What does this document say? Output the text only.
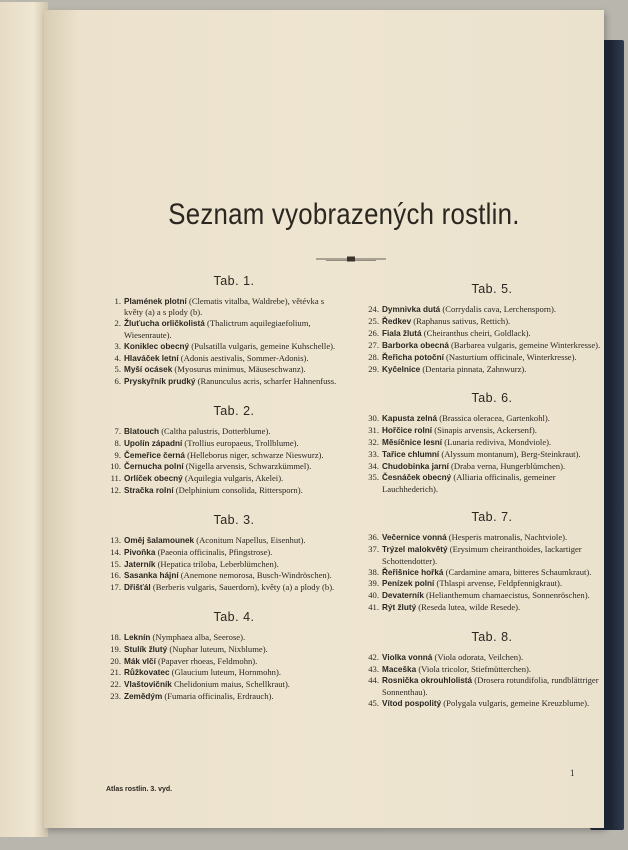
Seznam vyobrazených rostlin.
Tab. 1.
1. Plamének plotní (Clematis vitalba, Waldrebe), větévka s květy (a) a s plody (b).
2. Žluťucha orličkolistá (Thalictrum aquilegiaefolium, Wiesenraute).
3. Koniklec obecný (Pulsatilla vulgaris, gemeine Kuhschelle).
4. Hlaváček letní (Adonis aestivalis, Sommer-Adonis).
5. Myší ocásek (Myosurus minimus, Mäuseschwanz).
6. Pryskyřník prudký (Ranunculus acris, scharfer Hahnenfuss.
Tab. 2.
7. Blatouch (Caltha palustris, Dotterblume).
8. Upolín západní (Trollius europaeus, Trollblume).
9. Čemeřice černá (Helleborus niger, schwarze Nieswurz).
10. Černucha polní (Nigella arvensis, Schwarzkümmel).
11. Orlíček obecný (Aquilegia vulgaris, Akelei).
12. Stračka rolní (Delphinium consolida, Rittersporn).
Tab. 3.
13. Oměj šalamounek (Aconitum Napellus, Eisenhut).
14. Pivoňka (Paeonia officinalis, Pfingstrose).
15. Jaterník (Hepatica triloba, Leberblümchen).
16. Sasanka hájní (Anemone nemorosa, Busch-Windröschen).
17. Dřišťál (Berberis vulgaris, Sauerdorn), květy (a) a plody (b).
Tab. 4.
18. Leknín (Nymphaea alba, Seerose).
19. Stulík žlutý (Nuphar luteum, Nixblume).
20. Mák vlčí (Papaver rhoeas, Feldmohn).
21. Růžkovatec (Glaucium luteum, Hornmohn).
22. Vlaštovičník Chelidonium maius, Schellkraut).
23. Zemědým (Fumaria officinalis, Erdrauch).
Tab. 5.
24. Dymnivka dutá (Corrydalis cava, Lerchensporn).
25. Ředkev (Raphanus sativus, Rettich).
26. Fiala žlutá (Cheiranthus cheiri, Goldlack).
27. Barborka obecná (Barbarea vulgaris, gemeine Winterkresse).
28. Řeřicha potoční (Nasturtium officinale, Winterkresse).
29. Kyčelnice (Dentaria pinnata, Zahnwurz).
Tab. 6.
30. Kapusta zelná (Brassica oleracea, Gartenkohl).
31. Hořčice rolní (Sinapis arvensis, Ackersenf).
32. Měsíčnice lesní (Lunaria rediviva, Mondviole).
33. Tařice chlumní (Alyssum montanum), Berg-Steinkraut).
34. Chudobinka jarní (Draba verna, Hungerblümchen).
35. Česnáček obecný (Alliaria officinalis, gemeiner Lauchhederich).
Tab. 7.
36. Večernice vonná (Hesperis matronalis, Nachtviole).
37. Trýzel malokvětý (Erysimum cheiranthoides, lackartiger Schottendotter).
38. Řeřišnice hořká (Cardamine amara, bitteres Schaumkraut).
39. Penízek polní (Thlaspi arvense, Feldpfennigkraut).
40. Devaterník (Helianthemum chamaecistus, Sonnenröschen).
41. Rýt žlutý (Reseda lutea, wilde Resede).
Tab. 8.
42. Violka vonná (Viola odorata, Veilchen).
43. Maceška (Viola tricolor, Stiefmütterchen).
44. Rosnička okrouhlolistá (Drosera rotundifolia, rundblättriger Sonnenthau).
45. Vítod pospolitý (Polygala vulgaris, gemeine Kreuzblume).
Atlas rostlin. 3. vyd.
1
